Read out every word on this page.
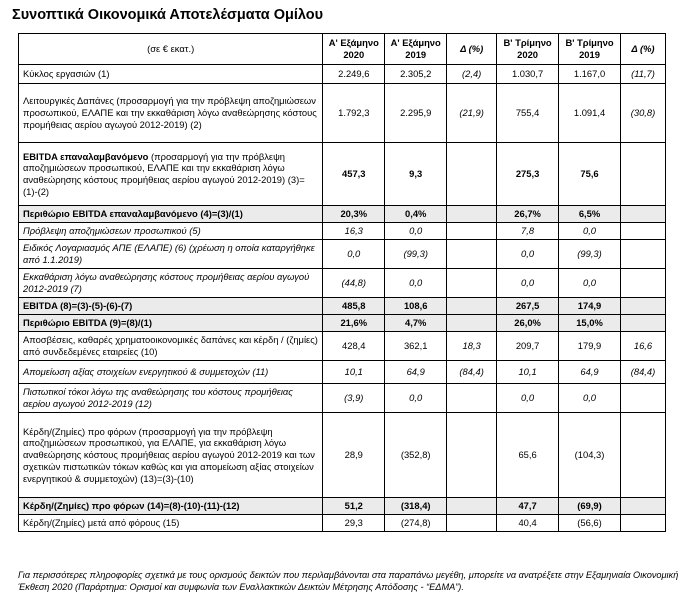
Συνοπτικά Οικονομικά Αποτελέσματα Ομίλου
(σε € εκατ.)	Α' Εξάμηνο 2020	Α' Εξάμηνο 2019	Δ (%)	Β' Τρίμηνο 2020	Β' Τρίμηνο 2019	Δ (%)
Κύκλος εργασιών (1)	2.249,6	2.305,2	(2,4)	1.030,7	1.167,0	(11,7)
Λειτουργικές Δαπάνες (προσαρμογή για την πρόβλεψη αποζημιώσεων προσωπικού, ΕΛΑΠΕ και την εκκαθάριση λόγω αναθεώρησης κόστους προμήθειας αερίου αγωγού 2012-2019) (2)	1.792,3	2.295,9	(21,9)	755,4	1.091,4	(30,8)
EBITDA επαναλαμβανόμενο (προσαρμογή για την πρόβλεψη αποζημιώσεων προσωπικού, ΕΛΑΠΕ και την εκκαθάριση λόγω αναθεώρησης κόστους προμήθειας αερίου αγωγού 2012-2019) (3)=(1)-(2)	457,3	9,3		275,3	75,6	
Περιθώριο EBITDA επαναλαμβανόμενο (4)=(3)/(1)	20,3%	0,4%		26,7%	6,5%	
Πρόβλεψη αποζημιώσεων προσωπικού (5)	16,3	0,0		7,8	0,0	
Ειδικός Λογαριασμός ΑΠΕ (ΕΛΑΠΕ) (6) (χρέωση η οποία καταργήθηκε από 1.1.2019)	0,0	(99,3)		0,0	(99,3)	
Εκκαθάριση λόγω αναθεώρησης κόστους προμήθειας αερίου αγωγού 2012-2019 (7)	(44,8)	0,0		0,0	0,0	
EBITDA (8)=(3)-(5)-(6)-(7)	485,8	108,6		267,5	174,9	
Περιθώριο EBITDA (9)=(8)/(1)	21,6%	4,7%		26,0%	15,0%	
Αποσβέσεις, καθαρές χρηματοοικονομικές δαπάνες και κέρδη / (ζημίες) από συνδεδεμένες εταιρείες (10)	428,4	362,1	18,3	209,7	179,9	16,6
Απομείωση αξίας στοιχείων ενεργητικού & συμμετοχών (11)	10,1	64,9	(84,4)	10,1	64,9	(84,4)
Πιστωτικοί τόκοι λόγω της αναθεώρησης του κόστους προμήθειας αερίου αγωγού 2012-2019 (12)	(3,9)	0,0		0,0	0,0	
Κέρδη/(Ζημίες) προ φόρων (προσαρμογή για την πρόβλεψη αποζημιώσεων προσωπικού, για ΕΛΑΠΕ, για εκκαθάριση λόγω αναθεώρησης κόστους προμήθειας αερίου αγωγού 2012-2019 και των σχετικών πιστωτικών τόκων καθώς και για απομείωση αξίας στοιχείων ενεργητικού & συμμετοχών) (13)=(3)-(10)	28,9	(352,8)		65,6	(104,3)	
Κέρδη/(Ζημίες) προ φόρων (14)=(8)-(10)-(11)-(12)	51,2	(318,4)		47,7	(69,9)	
Κέρδη/(Ζημίες) μετά από φόρους (15)	29,3	(274,8)		40,4	(56,6)	
Για περισσότερες πληροφορίες σχετικά με τους ορισμούς δεικτών που περιλαμβάνονται στα παραπάνω μεγέθη, μπορείτε να ανατρέξετε στην Εξαμηνιαία Οικονομική Έκθεση 2020 (Παράρτημα: Ορισμοί και συμφωνία των Εναλλακτικών Δεικτών Μέτρησης Απόδοσης - “ΕΔΜΑ”).
